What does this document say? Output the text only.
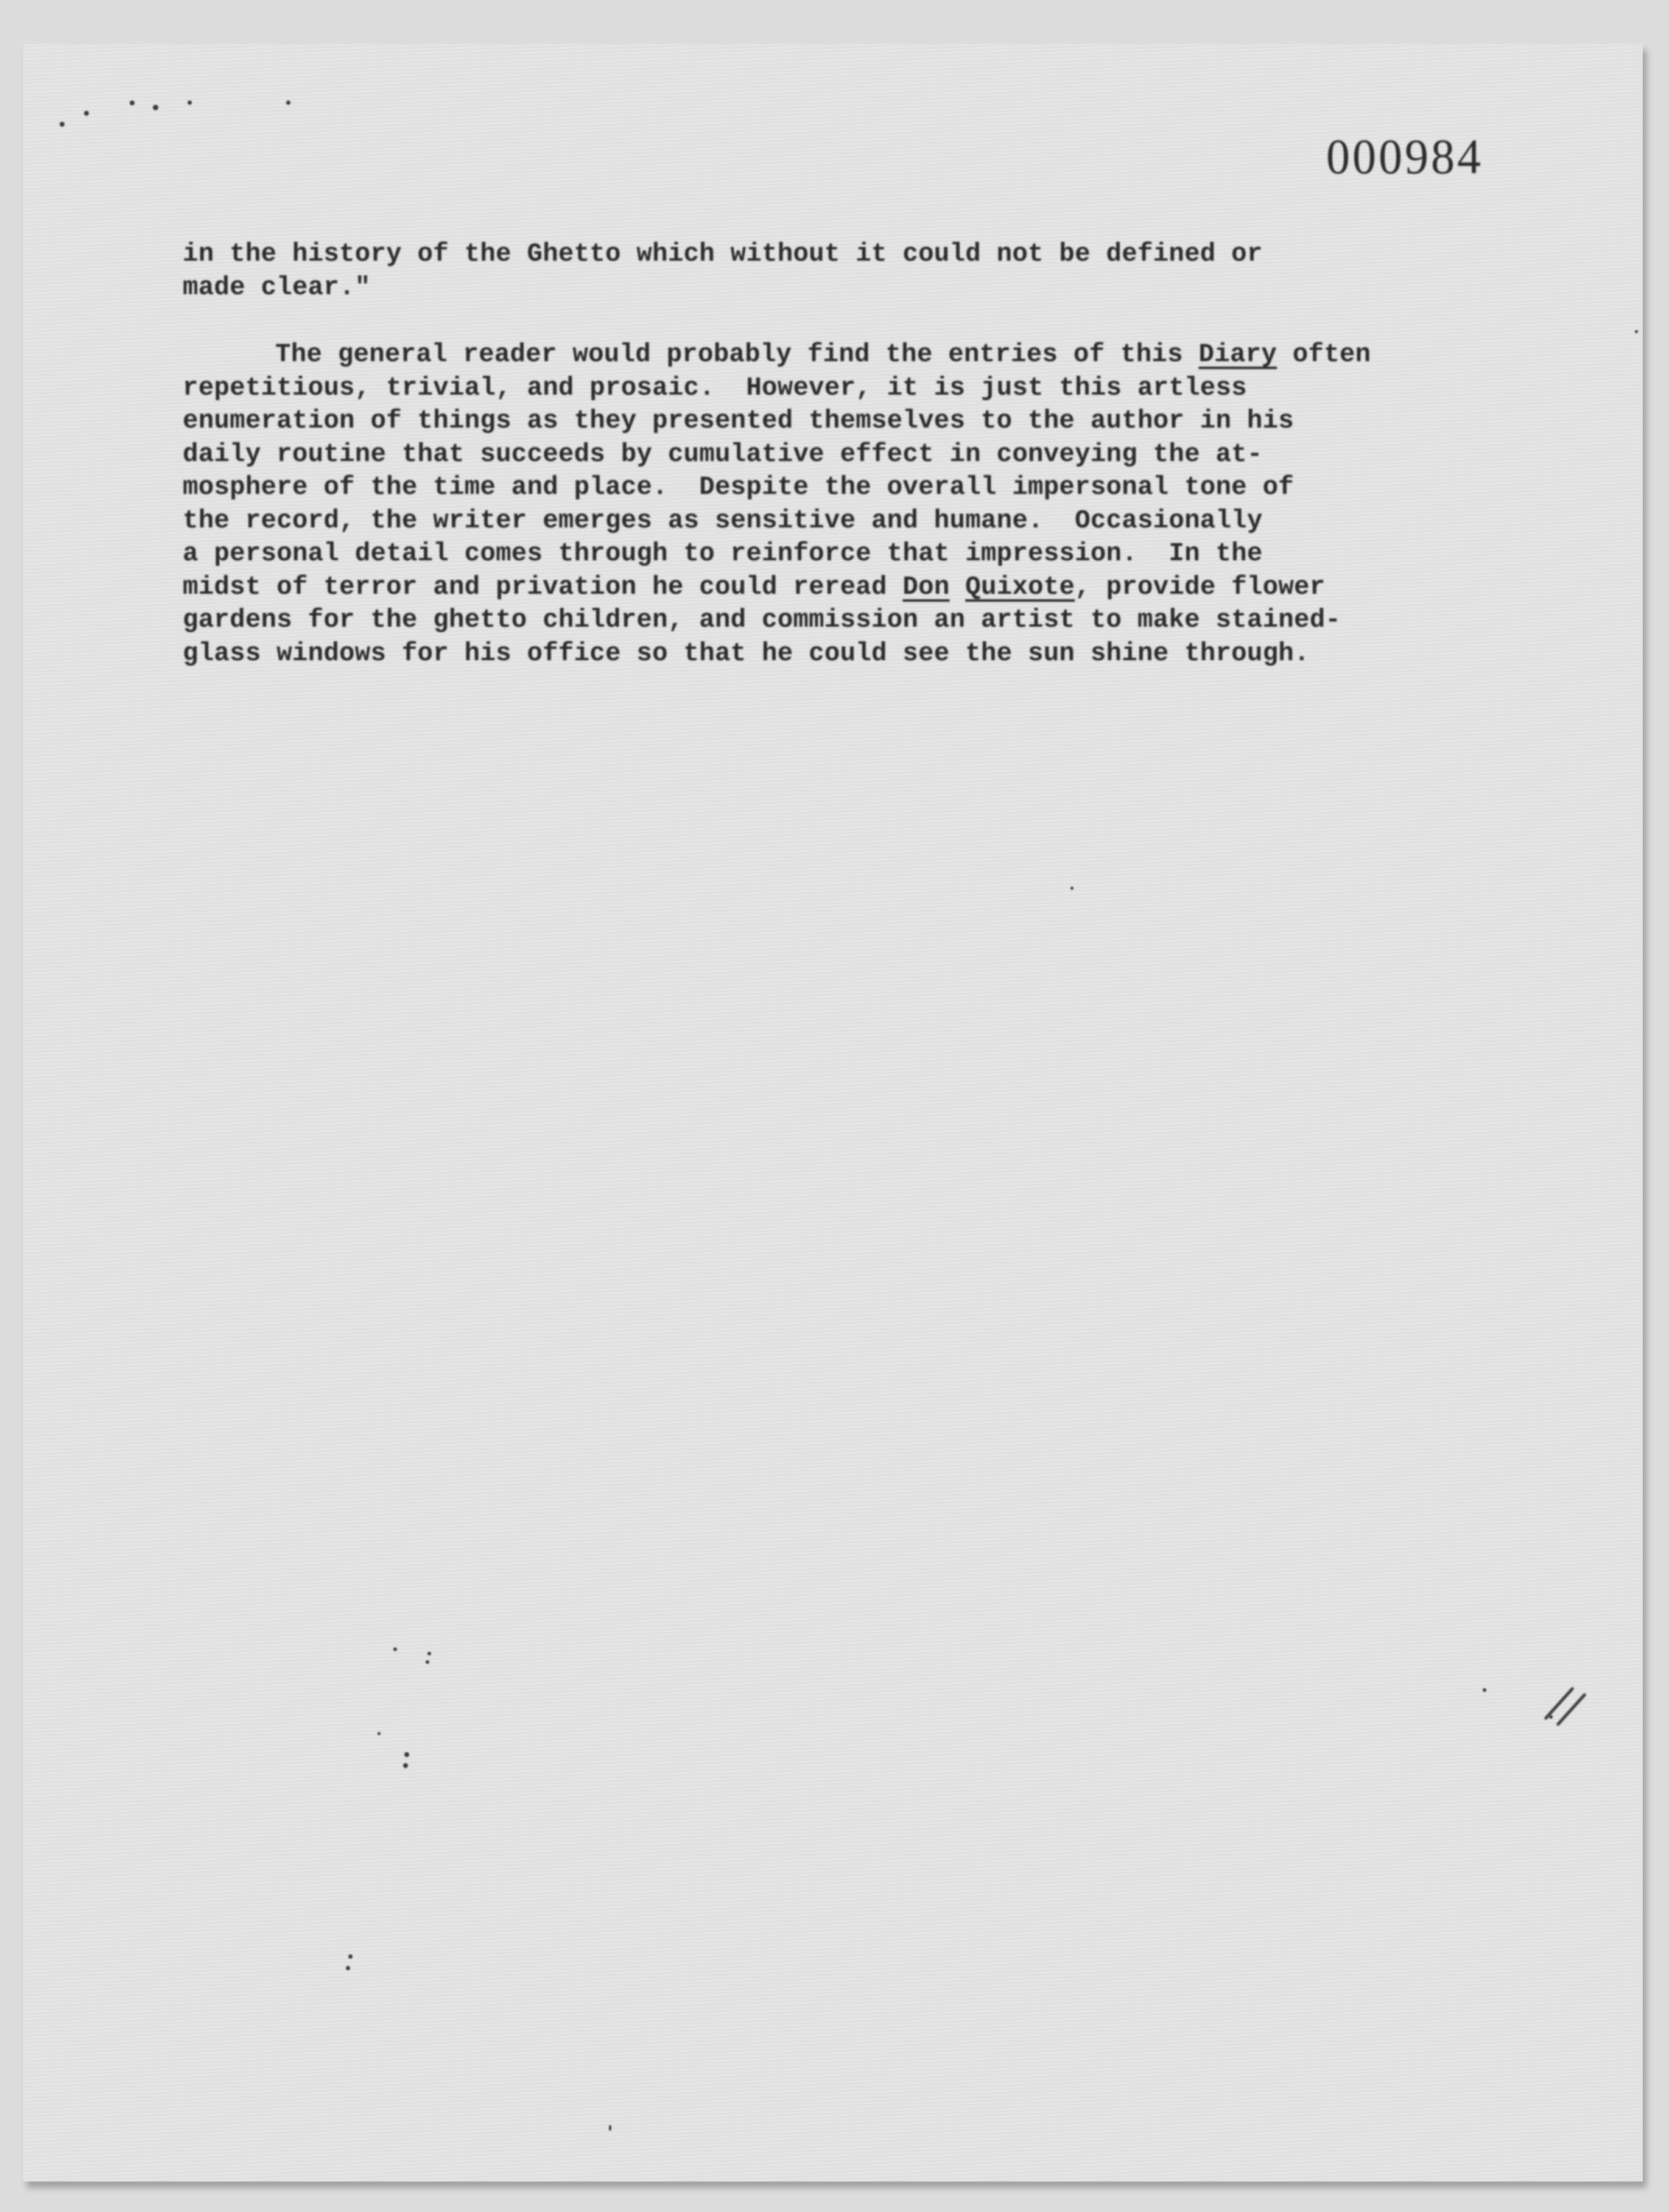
000984
in the history of the Ghetto which without it could not be defined or
made clear."
The general reader would probably find the entries of this Diary often
repetitious, trivial, and prosaic.  However, it is just this artless
enumeration of things as they presented themselves to the author in his
daily routine that succeeds by cumulative effect in conveying the at-
mosphere of the time and place.  Despite the overall impersonal tone of
the record, the writer emerges as sensitive and humane.  Occasionally
a personal detail comes through to reinforce that impression.  In the
midst of terror and privation he could reread Don Quixote, provide flower
gardens for the ghetto children, and commission an artist to make stained-
glass windows for his office so that he could see the sun shine through.
